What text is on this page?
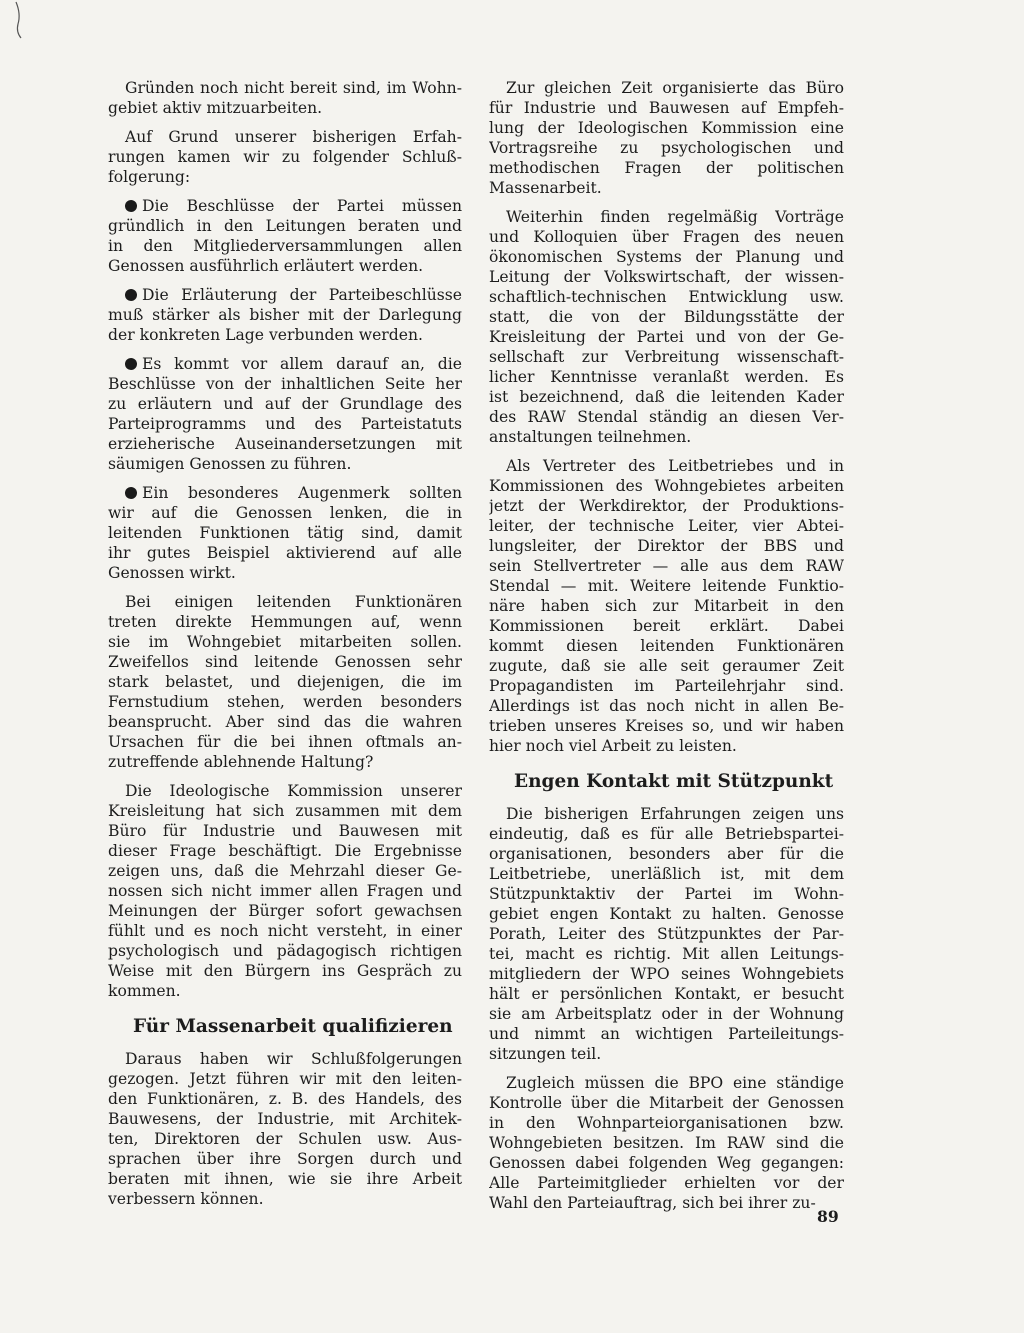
Gründen noch nicht bereit sind, im Wohn-
gebiet aktiv mitzuarbeiten.
Auf Grund unserer bisherigen Erfah-
rungen kamen wir zu folgender Schluß-
folgerung:
Die Beschlüsse der Partei müssen
gründlich in den Leitungen beraten und
in den Mitgliederversammlungen allen
Genossen ausführlich erläutert werden.
Die Erläuterung der Parteibeschlüsse
muß stärker als bisher mit der Darlegung
der konkreten Lage verbunden werden.
Es kommt vor allem darauf an, die
Beschlüsse von der inhaltlichen Seite her
zu erläutern und auf der Grundlage des
Parteiprogramms und des Parteistatuts
erzieherische Auseinandersetzungen mit
säumigen Genossen zu führen.
Ein besonderes Augenmerk sollten
wir auf die Genossen lenken, die in
leitenden Funktionen tätig sind, damit
ihr gutes Beispiel aktivierend auf alle
Genossen wirkt.
Bei einigen leitenden Funktionären
treten direkte Hemmungen auf, wenn
sie im Wohngebiet mitarbeiten sollen.
Zweifellos sind leitende Genossen sehr
stark belastet, und diejenigen, die im
Fernstudium stehen, werden besonders
beansprucht. Aber sind das die wahren
Ursachen für die bei ihnen oftmals an-
zutreffende ablehnende Haltung?
Die Ideologische Kommission unserer
Kreisleitung hat sich zusammen mit dem
Büro für Industrie und Bauwesen mit
dieser Frage beschäftigt. Die Ergebnisse
zeigen uns, daß die Mehrzahl dieser Ge-
nossen sich nicht immer allen Fragen und
Meinungen der Bürger sofort gewachsen
fühlt und es noch nicht versteht, in einer
psychologisch und pädagogisch richtigen
Weise mit den Bürgern ins Gespräch zu
kommen.
Für Massenarbeit qualifizieren
Daraus haben wir Schlußfolgerungen
gezogen. Jetzt führen wir mit den leiten-
den Funktionären, z. B. des Handels, des
Bauwesens, der Industrie, mit Architek-
ten, Direktoren der Schulen usw. Aus-
sprachen über ihre Sorgen durch und
beraten mit ihnen, wie sie ihre Arbeit
verbessern können.
Zur gleichen Zeit organisierte das Büro
für Industrie und Bauwesen auf Empfeh-
lung der Ideologischen Kommission eine
Vortragsreihe zu psychologischen und
methodischen Fragen der politischen
Massenarbeit.
Weiterhin finden regelmäßig Vorträge
und Kolloquien über Fragen des neuen
ökonomischen Systems der Planung und
Leitung der Volkswirtschaft, der wissen-
schaftlich-technischen Entwicklung usw.
statt, die von der Bildungsstätte der
Kreisleitung der Partei und von der Ge-
sellschaft zur Verbreitung wissenschaft-
licher Kenntnisse veranlaßt werden. Es
ist bezeichnend, daß die leitenden Kader
des RAW Stendal ständig an diesen Ver-
anstaltungen teilnehmen.
Als Vertreter des Leitbetriebes und in
Kommissionen des Wohngebietes arbeiten
jetzt der Werkdirektor, der Produktions-
leiter, der technische Leiter, vier Abtei-
lungsleiter, der Direktor der BBS und
sein Stellvertreter — alle aus dem RAW
Stendal — mit. Weitere leitende Funktio-
näre haben sich zur Mitarbeit in den
Kommissionen bereit erklärt. Dabei
kommt diesen leitenden Funktionären
zugute, daß sie alle seit geraumer Zeit
Propagandisten im Parteilehrjahr sind.
Allerdings ist das noch nicht in allen Be-
trieben unseres Kreises so, und wir haben
hier noch viel Arbeit zu leisten.
Engen Kontakt mit Stützpunkt
Die bisherigen Erfahrungen zeigen uns
eindeutig, daß es für alle Betriebsparteі-
organisationen, besonders aber für die
Leitbetriebe, unerläßlich ist, mit dem
Stützpunktaktiv der Partei im Wohn-
gebiet engen Kontakt zu halten. Genosse
Porath, Leiter des Stützpunktes der Par-
tei, macht es richtig. Mit allen Leitungs-
mitgliedern der WPO seines Wohngebiets
hält er persönlichen Kontakt, er besucht
sie am Arbeitsplatz oder in der Wohnung
und nimmt an wichtigen Parteileitungs-
sitzungen teil.
Zugleich müssen die BPO eine ständige
Kontrolle über die Mitarbeit der Genossen
in den Wohnparteiorganisationen bzw.
Wohngebieten besitzen. Im RAW sind die
Genossen dabei folgenden Weg gegangen:
Alle Parteimitglieder erhielten vor der
Wahl den Parteiauftrag, sich bei ihrer zu-
89
